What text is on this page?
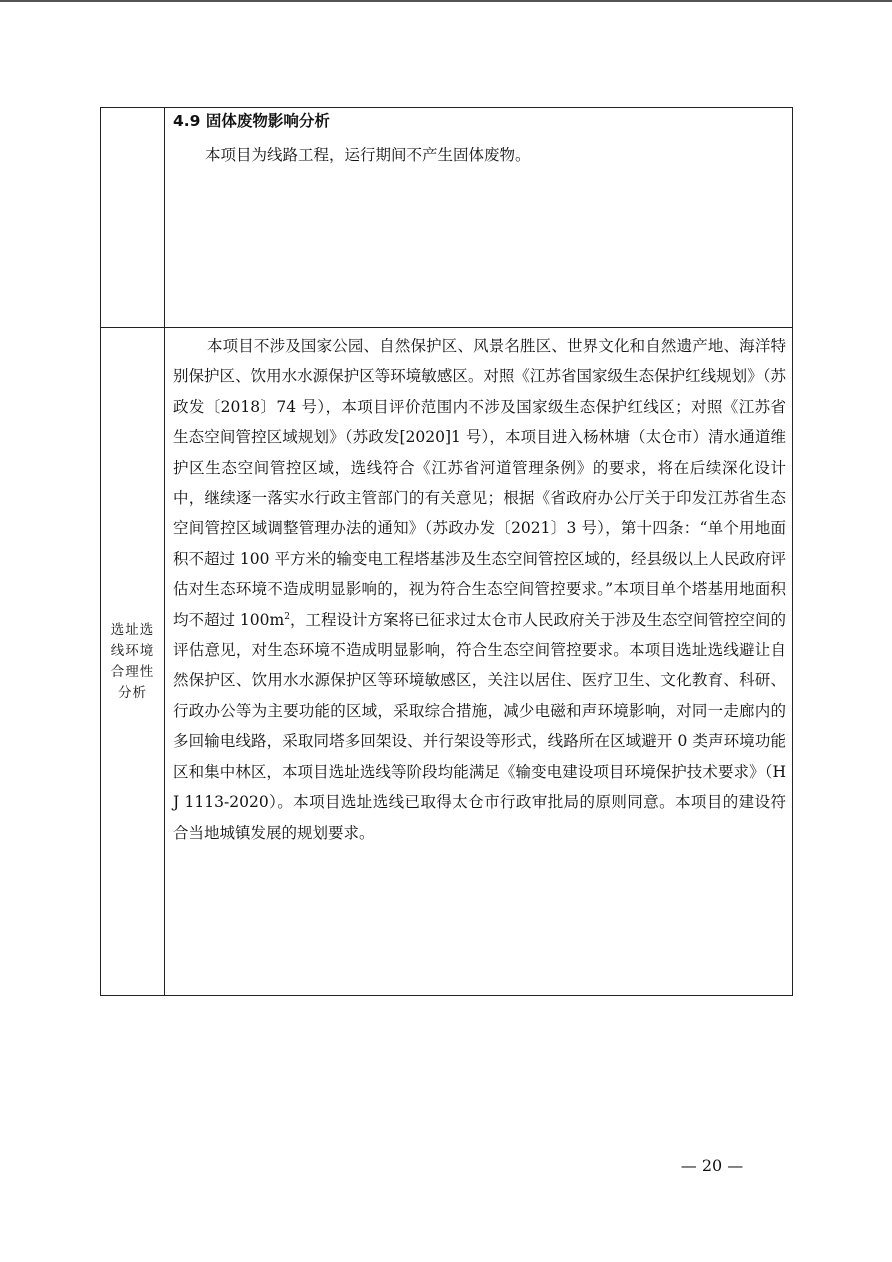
	4.9 固体废物影响分析

本项目为线路工程，运行期间不产生固体废物。

选址选线环境合理性分析	本项目不涉及国家公园、自然保护区、风景名胜区、世界文化和自然遗产地、海洋特别保护区、饮用水水源保护区等环境敏感区。对照《江苏省国家级生态保护红线规划》（苏政发〔2018〕74 号），本项目评价范围内不涉及国家级生态保护红线区；对照《江苏省生态空间管控区域规划》（苏政发[2020]1 号），本项目进入杨林塘（太仓市）清水通道维护区生态空间管控区域，选线符合《江苏省河道管理条例》的要求，将在后续深化设计中，继续逐一落实水行政主管部门的有关意见；根据《省政府办公厅关于印发江苏省生态空间管控区域调整管理办法的通知》（苏政办发〔2021〕3 号），第十四条：“单个用地面积不超过 100 平方米的输变电工程塔基涉及生态空间管控区域的，经县级以上人民政府评估对生态环境不造成明显影响的，视为符合生态空间管控要求。”本项目单个塔基用地面积均不超过 $100m^2$，工程设计方案将已征求过太仓市人民政府关于涉及生态空间管控空间的评估意见，对生态环境不造成明显影响，符合生态空间管控要求。本项目选址选线避让自然保护区、饮用水水源保护区等环境敏感区，关注以居住、医疗卫生、文化教育、科研、行政办公等为主要功能的区域，采取综合措施，减少电磁和声环境影响，对同一走廊内的多回输电线路，采取同塔多回架设、并行架设等形式，线路所在区域避开 0 类声环境功能区和集中林区，本项目选址选线等阶段均能满足《输变电建设项目环境保护技术要求》（HJ 1113-2020）。本项目选址选线已取得太仓市行政审批局的原则同意。本项目的建设符合当地城镇发展的规划要求。

— 20 —
